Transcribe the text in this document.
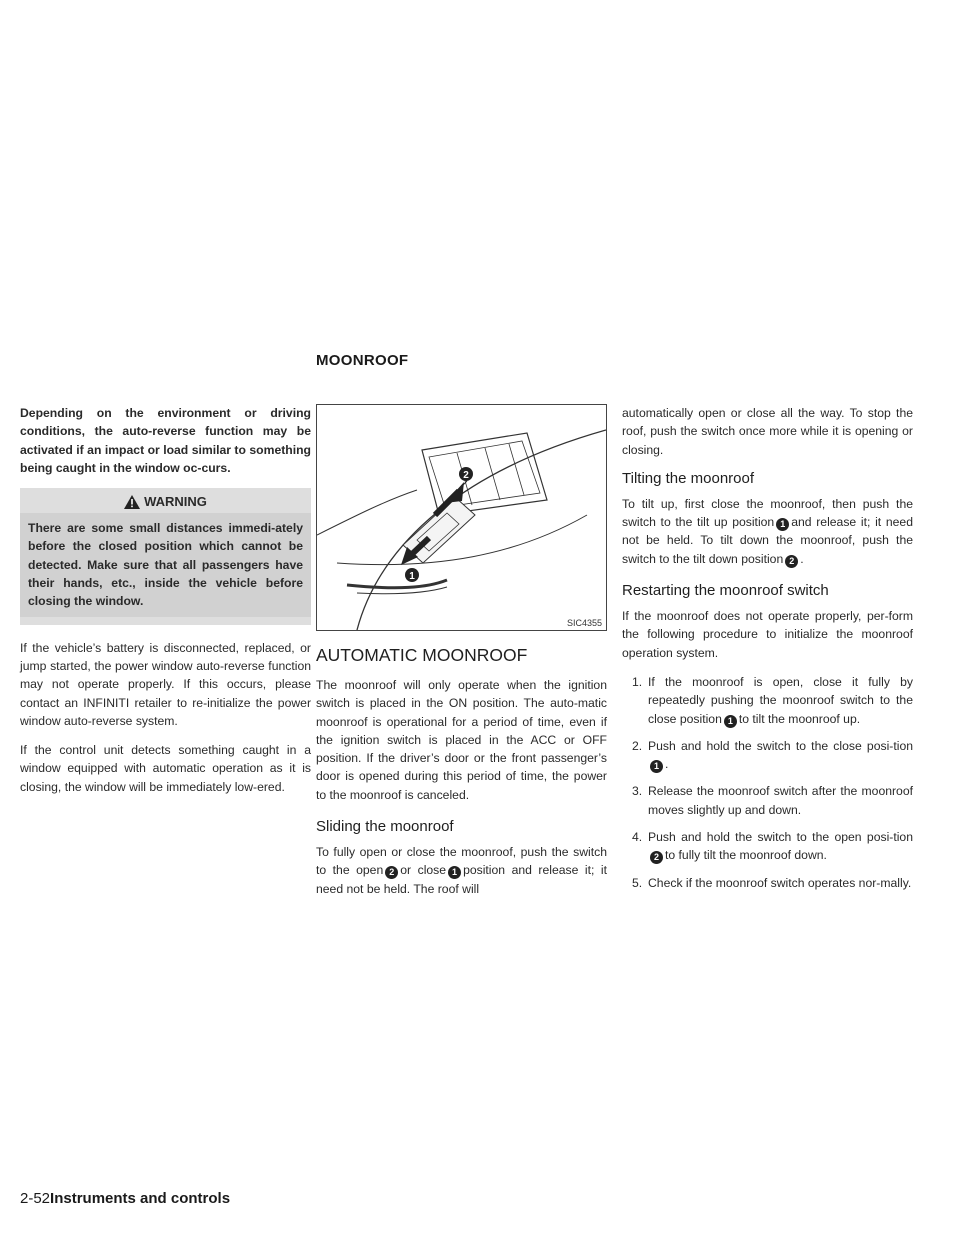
MOONROOF

Depending on the environment or driving conditions, the auto-reverse function may be activated if an impact or load similar to something being caught in the window oc-curs.

WARNING
There are some small distances immedi-ately before the closed position which cannot be detected. Make sure that all passengers have their hands, etc., inside the vehicle before closing the window.

If the vehicle’s battery is disconnected, replaced, or jump started, the power window auto-reverse function may not operate properly. If this occurs, please contact an INFINITI retailer to re-initialize the power window auto-reverse system.

If the control unit detects something caught in a window equipped with automatic operation as it is closing, the window will be immediately low-ered.

2
1
SIC4355
AUTOMATIC MOONROOF

The moonroof will only operate when the ignition switch is placed in the ON position. The auto-matic moonroof is operational for a period of time, even if the ignition switch is placed in the ACC or OFF position. If the driver’s door or the front passenger’s door is opened during this period of time, the power to the moonroof is canceled.

Sliding the moonroof

To fully open or close the moonroof, push the switch to the open 2 or close 1 position and release it; it need not be held. The roof will

automatically open or close all the way. To stop the roof, push the switch once more while it is opening or closing.

Tilting the moonroof

To tilt up, first close the moonroof, then push the switch to the tilt up position 1 and release it; it need not be held. To tilt down the moonroof, push the switch to the tilt down position 2 .

Restarting the moonroof switch

If the moonroof does not operate properly, per-form the following procedure to initialize the moonroof operation system.

1. If the moonroof is open, close it fully by repeatedly pushing the moonroof switch to the close position 1 to tilt the moonroof up.
2. Push and hold the switch to the close posi-tion1 .
3. Release the moonroof switch after the moonroof moves slightly up and down.
4. Push and hold the switch to the open posi-tion2 to fully tilt the moonroof down.
5. Check if the moonroof switch operates nor-mally.
2-52Instruments and controls
